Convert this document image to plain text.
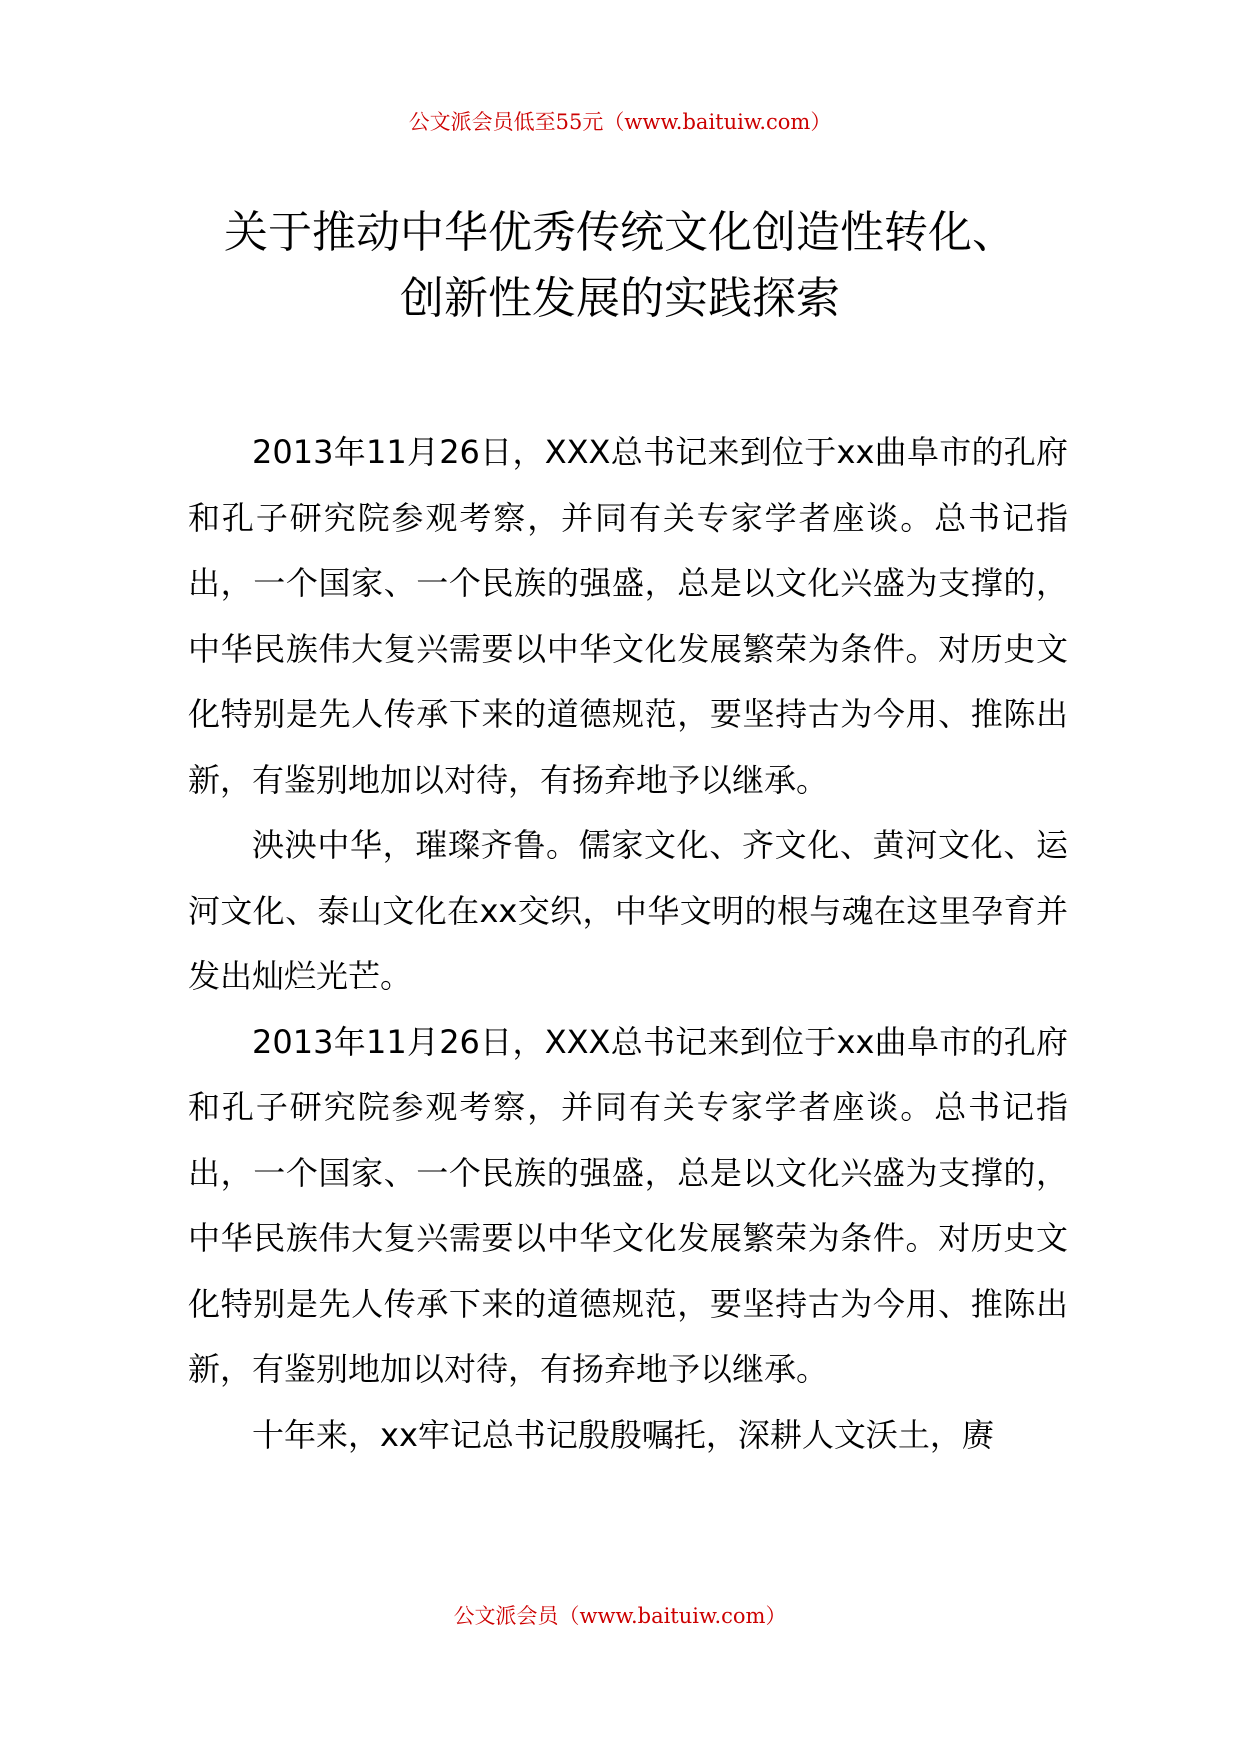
公文派会员低至55元（www.baituiw.com）
关于推动中华优秀传统文化创造性转化、
创新性发展的实践探索

2013年11月26日，XXX总书记来到位于xx曲阜市的孔府和孔子研究院参观考察，并同有关专家学者座谈。总书记指出，一个国家、一个民族的强盛，总是以文化兴盛为支撑的，中华民族伟大复兴需要以中华文化发展繁荣为条件。对历史文化特别是先人传承下来的道德规范，要坚持古为今用、推陈出新，有鉴别地加以对待，有扬弃地予以继承。

泱泱中华，璀璨齐鲁。儒家文化、齐文化、黄河文化、运河文化、泰山文化在xx交织，中华文明的根与魂在这里孕育并发出灿烂光芒。

2013年11月26日，XXX总书记来到位于xx曲阜市的孔府和孔子研究院参观考察，并同有关专家学者座谈。总书记指出，一个国家、一个民族的强盛，总是以文化兴盛为支撑的，中华民族伟大复兴需要以中华文化发展繁荣为条件。对历史文化特别是先人传承下来的道德规范，要坚持古为今用、推陈出新，有鉴别地加以对待，有扬弃地予以继承。

十年来，xx牢记总书记殷殷嘱托，深耕人文沃土，赓

公文派会员（www.baituiw.com）
